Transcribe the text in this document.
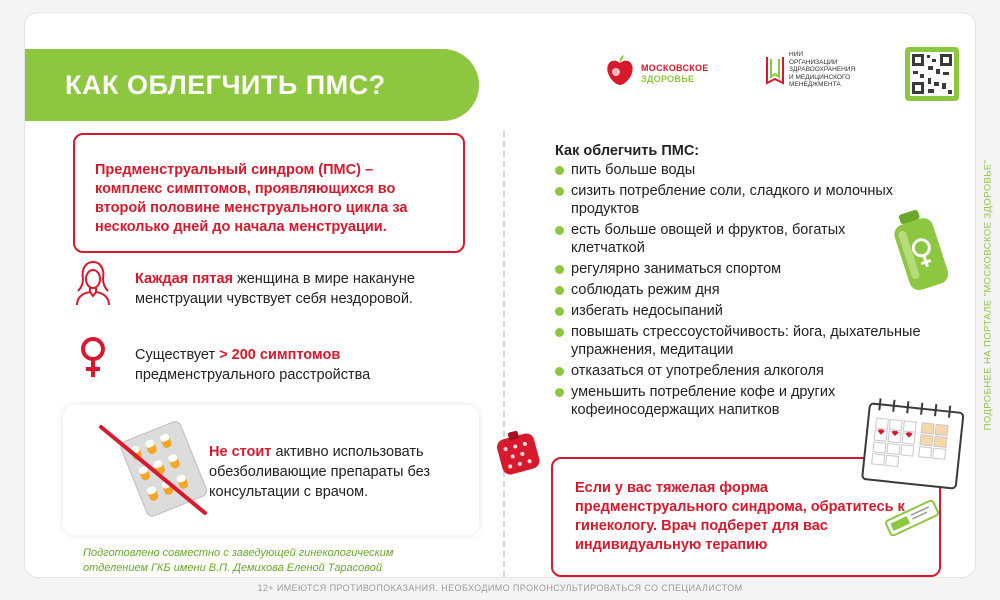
КАК ОБЛЕГЧИТЬ ПМС?
МОСКОВСКОЕ
ЗДОРОВЬЕ
НИИ
ОРГАНИЗАЦИИ
ЗДРАВООХРАНЕНИЯ
И МЕДИЦИНСКОГО
МЕНЕДЖМЕНТА

Предменструальный синдром (ПМС) – комплекс симптомов, проявляющихся во второй половине менструального цикла за несколько дней до начала менструации.

Каждая пятая женщина в мире накануне менструации чувствует себя нездоровой.
Существует > 200 симптомов
предменструального расстройства
Не стоит активно использовать обезболивающие препараты без консультации с врачом.
Подготовлено совместно с заведующей гинекологическим
отделением ГКБ имени В.П. Демихова Еленой Тарасовой
Как облегчить ПМС:
пить больше воды
сизить потребление соли, сладкого и молочных продуктов
есть больше овощей и фруктов, богатых клетчаткой
регулярно заниматься спортом
соблюдать режим дня
избегать недосыпаний
повышать стрессоустойчивость: йога, дыхательные упражнения, медитации
отказаться от употребления алкоголя
уменьшить потребление кофе и других кофеиносодержащих напитков

Если у вас тяжелая форма предменструального синдрома, обратитесь к гинекологу. Врач подберет для вас индивидуальную терапию

ПОДРОБНЕЕ НА ПОРТАЛЕ "МОСКОВСКОЕ ЗДОРОВЬЕ"
12+ ИМЕЮТСЯ ПРОТИВОПОКАЗАНИЯ. НЕОБХОДИМО ПРОКОНСУЛЬТИРОВАТЬСЯ СО СПЕЦИАЛИСТОМ
